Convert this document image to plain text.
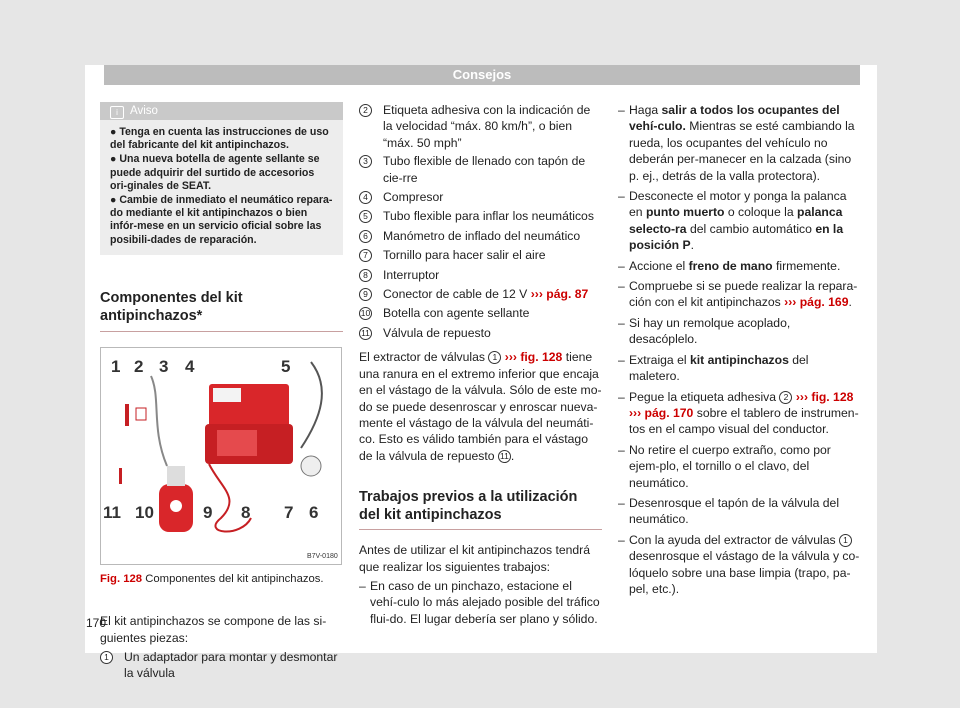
Consejos
i Aviso

● Tenga en cuenta las instrucciones de uso del fabricante del kit antipinchazos.

● Una nueva botella de agente sellante se puede adquirir del surtido de accesorios ori-ginales de SEAT.

● Cambie de inmediato el neumático repara-do mediante el kit antipinchazos o bien infór-mese en un servicio oficial sobre las posibili-dades de reparación.

Componentes del kit antipinchazos*
1 2 3 4	5
11 10	9 8 7 6
B7V-0180
Fig. 128 Componentes del kit antipinchazos.

El kit antipinchazos se compone de las si-guientes piezas:

1	Un adaptador para montar y desmontar la válvula
2	Etiqueta adhesiva con la indicación de la velocidad “máx. 80 km/h”, o bien “máx. 50 mph”
3	Tubo flexible de llenado con tapón de cie-rre
4	Compresor
5	Tubo flexible para inflar los neumáticos
6	Manómetro de inflado del neumático
7	Tornillo para hacer salir el aire
8	Interruptor
9	Conector de cable de 12 V ››› pág. 87
10 Botella con agente sellante
11 Válvula de repuesto

El extractor de válvulas 1 ››› fig. 128 tiene una ranura en el extremo inferior que encaja en el vástago de la válvula. Sólo de este mo-do se puede desenroscar y enroscar nueva-mente el vástago de la válvula del neumáti-co. Esto es válido también para el vástago de la válvula de repuesto 11 .

Trabajos previos a la utilización del kit antipinchazos

Antes de utilizar el kit antipinchazos tendrá que realizar los siguientes trabajos:

– En caso de un pinchazo, estacione el vehí-culo lo más alejado posible del tráfico flui-do. El lugar debería ser plano y sólido.
– Haga salir a todos los ocupantes del vehí-culo. Mientras se esté cambiando la rueda, los ocupantes del vehículo no deberán per-manecer en la calzada (sino p. ej., detrás de la valla protectora).
– Desconecte el motor y ponga la palanca en punto muerto o coloque la palanca selecto-ra del cambio automático en la posición P.
– Accione el freno de mano firmemente.
– Compruebe si se puede realizar la repara-ción con el kit antipinchazos ››› pág. 169.
– Si hay un remolque acoplado, desacóplelo.
– Extraiga el kit antipinchazos del maletero.
– Pegue la etiqueta adhesiva 2 ››› fig. 128 ››› pág. 170 sobre el tablero de instrumen-tos en el campo visual del conductor.
– No retire el cuerpo extraño, como por ejem-plo, el tornillo o el clavo, del neumático.
– Desenrosque el tapón de la válvula del neumático.
– Con la ayuda del extractor de válvulas 1 desenrosque el vástago de la válvula y co-lóquelo sobre una base limpia (trapo, pa-pel, etc.).
170
